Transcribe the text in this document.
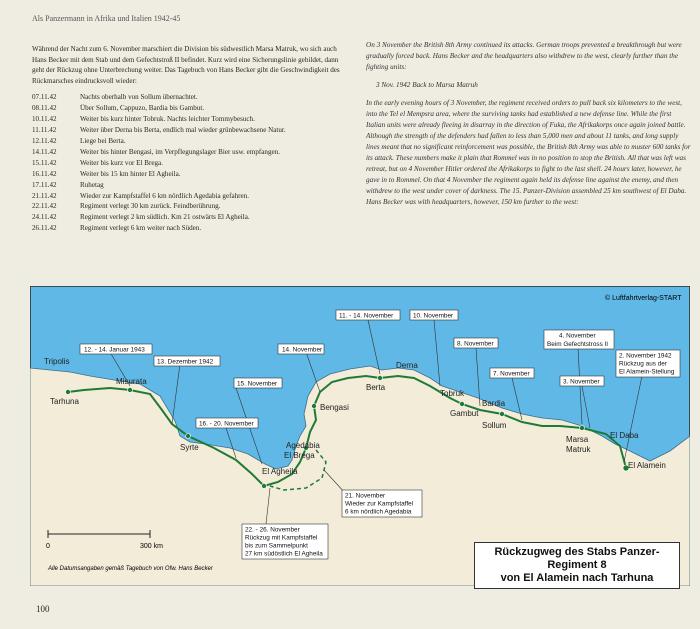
Als Panzermann in Afrika und Italien 1942-45

Während der Nacht zum 6. November marschiert die Division bis südwestlich Marsa Matruk, wo sich auch Hans Becker mit dem Stab und dem Gefechtstroß II befindet. Kurz wird eine Sicherungslinie gebildet, dann geht der Rückzug ohne Unterbrechung weiter. Das Tagebuch von Hans Becker gibt die Geschwindigkeit des Rückmarsches eindrucksvoll wieder:

07.11.42	Nachts oberhalb von Sollum übernachtet.
08.11.42	Über Sollum, Cappuzo, Bardia bis Gambut.
10.11.42	Weiter bis kurz hinter Tobruk. Nachts leichter Tommybesuch.
11.11.42	Weiter über Derna bis Berta, endlich mal wieder grünbewachsene Natur.
12.11.42	Liege bei Berta.
14.11.42	Weiter bis hinter Bengasi, im Verpflegungslager Bier usw. empfangen.
15.11.42	Weiter bis kurz vor El Brega.
16.11.42	Weiter bis 15 km hinter El Agheila.
17.11.42	Ruhetag
21.11.42	Wieder zur Kampfstaffel 6 km nördlich Agedabia gefahren.
22.11.42	Regiment verlegt 30 km zurück. Feindberührung.
24.11.42	Regiment verlegt 2 km südlich. Km 21 ostwärts El Agheila.
26.11.42	Regiment verlegt 6 km weiter nach Süden.

On 3 November the British 8th Army continued its attacks. German troops prevented a breakthrough but were gradually forced back. Hans Becker and the headquarters also withdrew to the west, clearly further than the fighting units:

3 Nov. 1942 Back to Marsa Matruh

In the early evening hours of 3 November, the regiment received orders to pull back six kilometers to the west, into the Tel el Mempsra area, where the surviving tanks had established a new defense line. While the first Italian units were already fleeing in disarray in the direction of Fuka, the Afrikakorps once again joined battle. Although the strength of the defenders had fallen to less than 5,000 men and about 11 tanks, and long supply lines meant that no significant reinforcement was possible, the British 8th Army was able to muster 600 tanks for its attack. These numbers make it plain that Rommel was in no position to stop the British. All that was left was retreat, but on 4 November Hitler ordered the Afrikakorps to fight to the last shell. 24 hours later, however, he gave in to Rommel. On that 4 November the regiment again held its defense line against the enemy, and then withdrew to the west under cover of darkness. The 15. Panzer-Division assembled 25 km southwest of El Daba. Hans Becker was with headquarters, however, 150 km further to the west:

0	300 km
Alle Datumsangaben gemäß Tagebuch von Ofw. Hans Becker
© Luftfahrtverlag-START
Tripolis
Tarhuna
Misurata
Syrte
El Brega
El Agheila
Agedabia
Bengasi
Berta
Derna
Tobruk
Gambut
Bardia
Sollum
Marsa
Matruk
El Daba
El Alamein
12. - 14. Januar 1943
13. Dezember 1942
14. November
11. - 14. November	10. November
8. November
7. November
4. November
Beim Gefechtstross II
3. November
2. November 1942
Rückzug aus der
El Alamein-Stellung
15. November
16. - 20. November
21. November
Wieder zur Kampfstaffel
6 km nördlich Agedabia
22. - 26. November
Rückzug mit Kampfstaffel
bis zum Sammelpunkt
27 km südöstlich El Agheila	Rückzugweg des Stabs Panzer-Regiment 8
von El Alamein nach Tarhuna
100
